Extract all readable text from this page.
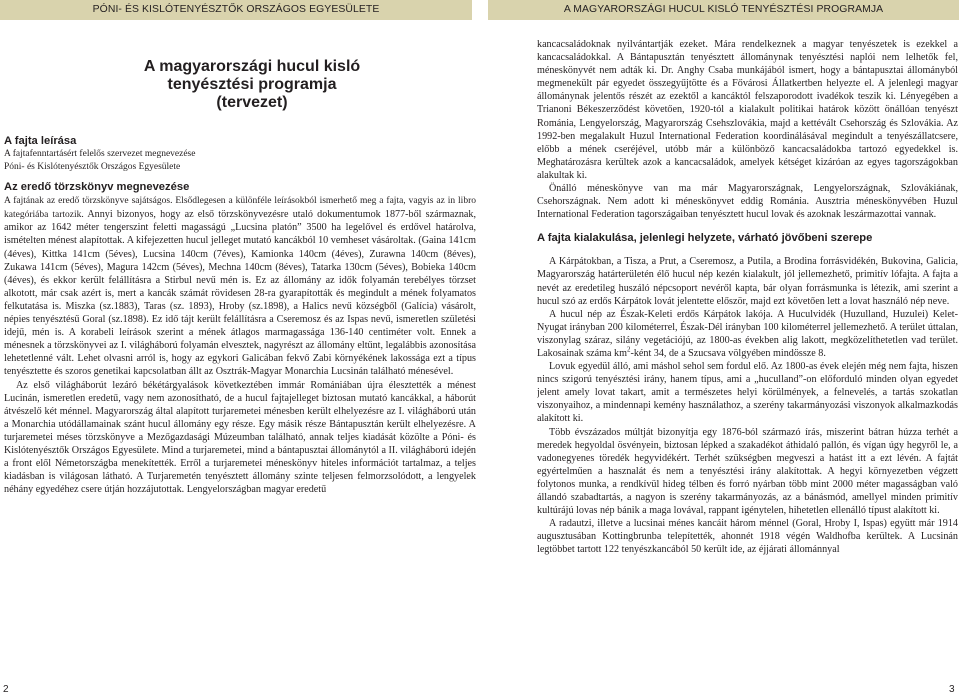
PÓNI- ÉS KISLÓTENYÉSZTŐK ORSZÁGOS EGYESÜLETE	A MAGYARORSZÁGI HUCUL KISLÓ TENYÉSZTÉSI PROGRAMJA
A magyarországi hucul kisló
tenyésztési programja
(tervezet)

A fajta leírása

A fajtafenntartásért felelős szervezet megnevezése

Póni- és Kislótenyésztők Országos Egyesülete

Az eredő törzskönyv megnevezése

A fajtának az eredő törzskönyve sajátságos. Elsődlegesen a különféle leírásokból ismerhető meg a fajta, vagyis az in libro kategóriába tartozik. Annyi bizonyos, hogy az első törzskönyvezésre utaló dokumentumok 1877-ből származnak, amikor az 1642 méter tengerszint feletti magasságú „Lucsina platón” 3500 ha legelővel és erdővel határolva, ismételten ménest alapítottak. A kifejezetten hucul jelleget mutató kancákból 10 vemheset vásároltak. (Gaina 141cm (4éves), Kittka 141cm (5éves), Lucsina 140cm (7éves), Kamionka 140cm (4éves), Zurawna 140cm (8éves), Zukawa 141cm (5éves), Magura 142cm (5éves), Mechna 140cm (8éves), Tatarka 130cm (5éves), Bobieka 140cm (4éves), és ekkor került felállításra a Stirbul nevű mén is. Ez az állomány az idők folyamán terebélyes törzset alkotott, már csak azért is, mert a kancák számát rövidesen 28-ra gyarapították és megindult a mének folyamatos felkutatása is. Miszka (sz.1883), Taras (sz. 1893), Hroby (sz.1898), a Halics nevű községből (Galícia) vásárolt, népies tenyésztésű Goral (sz.1898). Ez idő tájt került felállításra a Cseremosz és az Ispas nevű, ismeretlen születési idejű, mén is. A korabeli leírások szerint a mének átlagos marmagassága 136-140 centiméter volt. Ennek a ménesnek a törzskönyvei az I. világháború folyamán elvesztek, nagyrészt az állomány eltűnt, legalábbis azonosítása lehetetlenné vált. Lehet olvasni arról is, hogy az egykori Galicában fekvő Zabi környékének lakossága ezt a típus tenyésztette és szoros genetikai kapcsolatban állt az Osztrák-Magyar Monarchia Lucsinán található ménesével.

Az első világháborút lezáró békétárgyalások következtében immár Romániában újra élesztették a ménest Lucinán, ismeretlen eredetű, vagy nem azonosítható, de a hucul fajtajelleget biztosan mutató kancákkal, a háborút átvészelő két ménnel. Magyarország által alapított turjaremetei ménesben került elhelyezésre az I. világháború után a Monarchia utódállamainak szánt hucul állomány egy része. Egy másik része Bántapusztán került elhelyezésre. A turjaremetei méses törzskönyve a Mezőgazdasági Múzeumban található, annak teljes kiadását közölte a Póni- és Kislótenyésztők Országos Egyesülete. Mind a turjaremetei, mind a bántapusztai állománytól a II. világháború idején a front elől Németországba menekítették. Erről a turjaremetei méneskönyv hiteles információt tartalmaz, a teljes kiadásban is világosan látható. A Turjaremetén tenyésztett állomány szinte teljesen felmorzsolódott, a lengyelek néhány egyedéhez csere útján hozzájutottak. Lengyelországban magyar eredetű

kancacsaládoknak nyilvántartják ezeket. Mára rendelkeznek a magyar tenyészetek is ezekkel a kancacsaládokkal. A Bántapusztán tenyésztett állománynak tenyésztési naplói nem lelhetők fel, méneskönyvét nem adták ki. Dr. Anghy Csaba munkájából ismert, hogy a bántapusztai állományból megmenekült pár egyedet összegyűjtötte és a Fővárosi Állatkertben helyezte el. A jelenlegi magyar állománynak jelentős részét az ezektől a kancáktól felszaporodott ivadékok teszik ki. Lényegében a Trianoni Békeszerződést követően, 1920-tól a kialakult politikai határok között önállóan tenyészt Románia, Lengyelország, Magyarország Csehszlovákia, majd a kettévált Csehország és Szlovákia. Az 1992-ben megalakult Huzul International Federation koordinálásával megindult a tenyészállatcsere, előbb a mének cseréjével, utóbb már a különböző kancacsaládokba tartozó egyedekkel is. Meghatározásra kerültek azok a kancacsaládok, amelyek kétséget kizáróan az egyes tagországokban alakultak ki.

Önálló méneskönyve van ma már Magyarországnak, Lengyelországnak, Szlovákiának, Csehországnak. Nem adott ki méneskönyvet eddig Románia. Ausztria méneskönyvében Huzul International Federation tagországaiban tenyésztett hucul lovak és azoknak leszármazottai vannak.

A fajta kialakulása, jelenlegi helyzete, várható jövőbeni szerepe

A Kárpátokban, a Tisza, a Prut, a Cseremosz, a Putila, a Brodina forrásvidékén, Bukovina, Galicia, Magyarország határterületén élő hucul nép kezén kialakult, jól jellemezhető, primitív lófajta. A fajta a nevét az eredetileg huszáló népcsoport nevéről kapta, bár olyan forrásmunka is létezik, ami szerint a hucul szó az erdős Kárpátok lovát jelentette először, majd ezt követően lett a lovat használó nép neve.

A hucul nép az Észak-Keleti erdős Kárpátok lakója. A Huculvidék (Huzulland, Huzulei) Kelet-Nyugat irányban 200 kilométerrel, Észak-Dél irányban 100 kilométerrel jellemezhető. A terület úttalan, viszonylag száraz, silány vegetációjú, az 1800-as években alig lakott, megközelíthetetlen vad terület. Lakosainak száma $km^2$-ként 34, de a Szucsava völgyében mindössze 8.

Lovuk egyedül álló, ami máshol sehol sem fordul elő. Az 1800-as évek elején még nem fajta, hiszen nincs szigorú tenyésztési irány, hanem típus, ami a „huculland”-on előforduló minden olyan egyedet jelent amely lovat takart, amit a természetes helyi körülmények, a felnevelés, a tartás szokatlan viszonyaihoz, a mindennapi kemény használathoz, a szerény takarmányozási viszonyok alkalmazkodás alakított ki.

Több évszázados múltját bizonyítja egy 1876-ból származó írás, miszerint bátran húzza terhét a meredek hegyoldal ösvényein, biztosan lépked a szakadékot áthidaló pallón, és vígan úgy hegyről le, a vadonegyenes töredék hegyvidékért. Terhét szükségben megveszi a hatást itt a ezt lévén. A fajtát egyértelműen a hasznalát és nem a tenyésztési irány alakítottak. A hegyi környezetben végzett folytonos munka, a rendkívül hideg télben és forró nyárban több mint 2000 méter magasságban való állandó szabadtartás, a nagyon is szerény takarmányozás, az a bánásmód, amellyel minden primitív kultúrájú lovas nép bánik a maga lovával, rappant igénytelen, hihetetlen ellenálló típust alakított ki.

A radautzi, illetve a lucsinai ménes kancáit három ménnel (Goral, Hroby I, Ispas) együtt már 1914 augusztusában Kottingbrunba telepítették, ahonnét 1918 végén Waldhofba kerültek. A Lucsinán legtöbbet tartott 122 tenyészkancából 50 került ide, az éjjárati állománnyal

2	3
